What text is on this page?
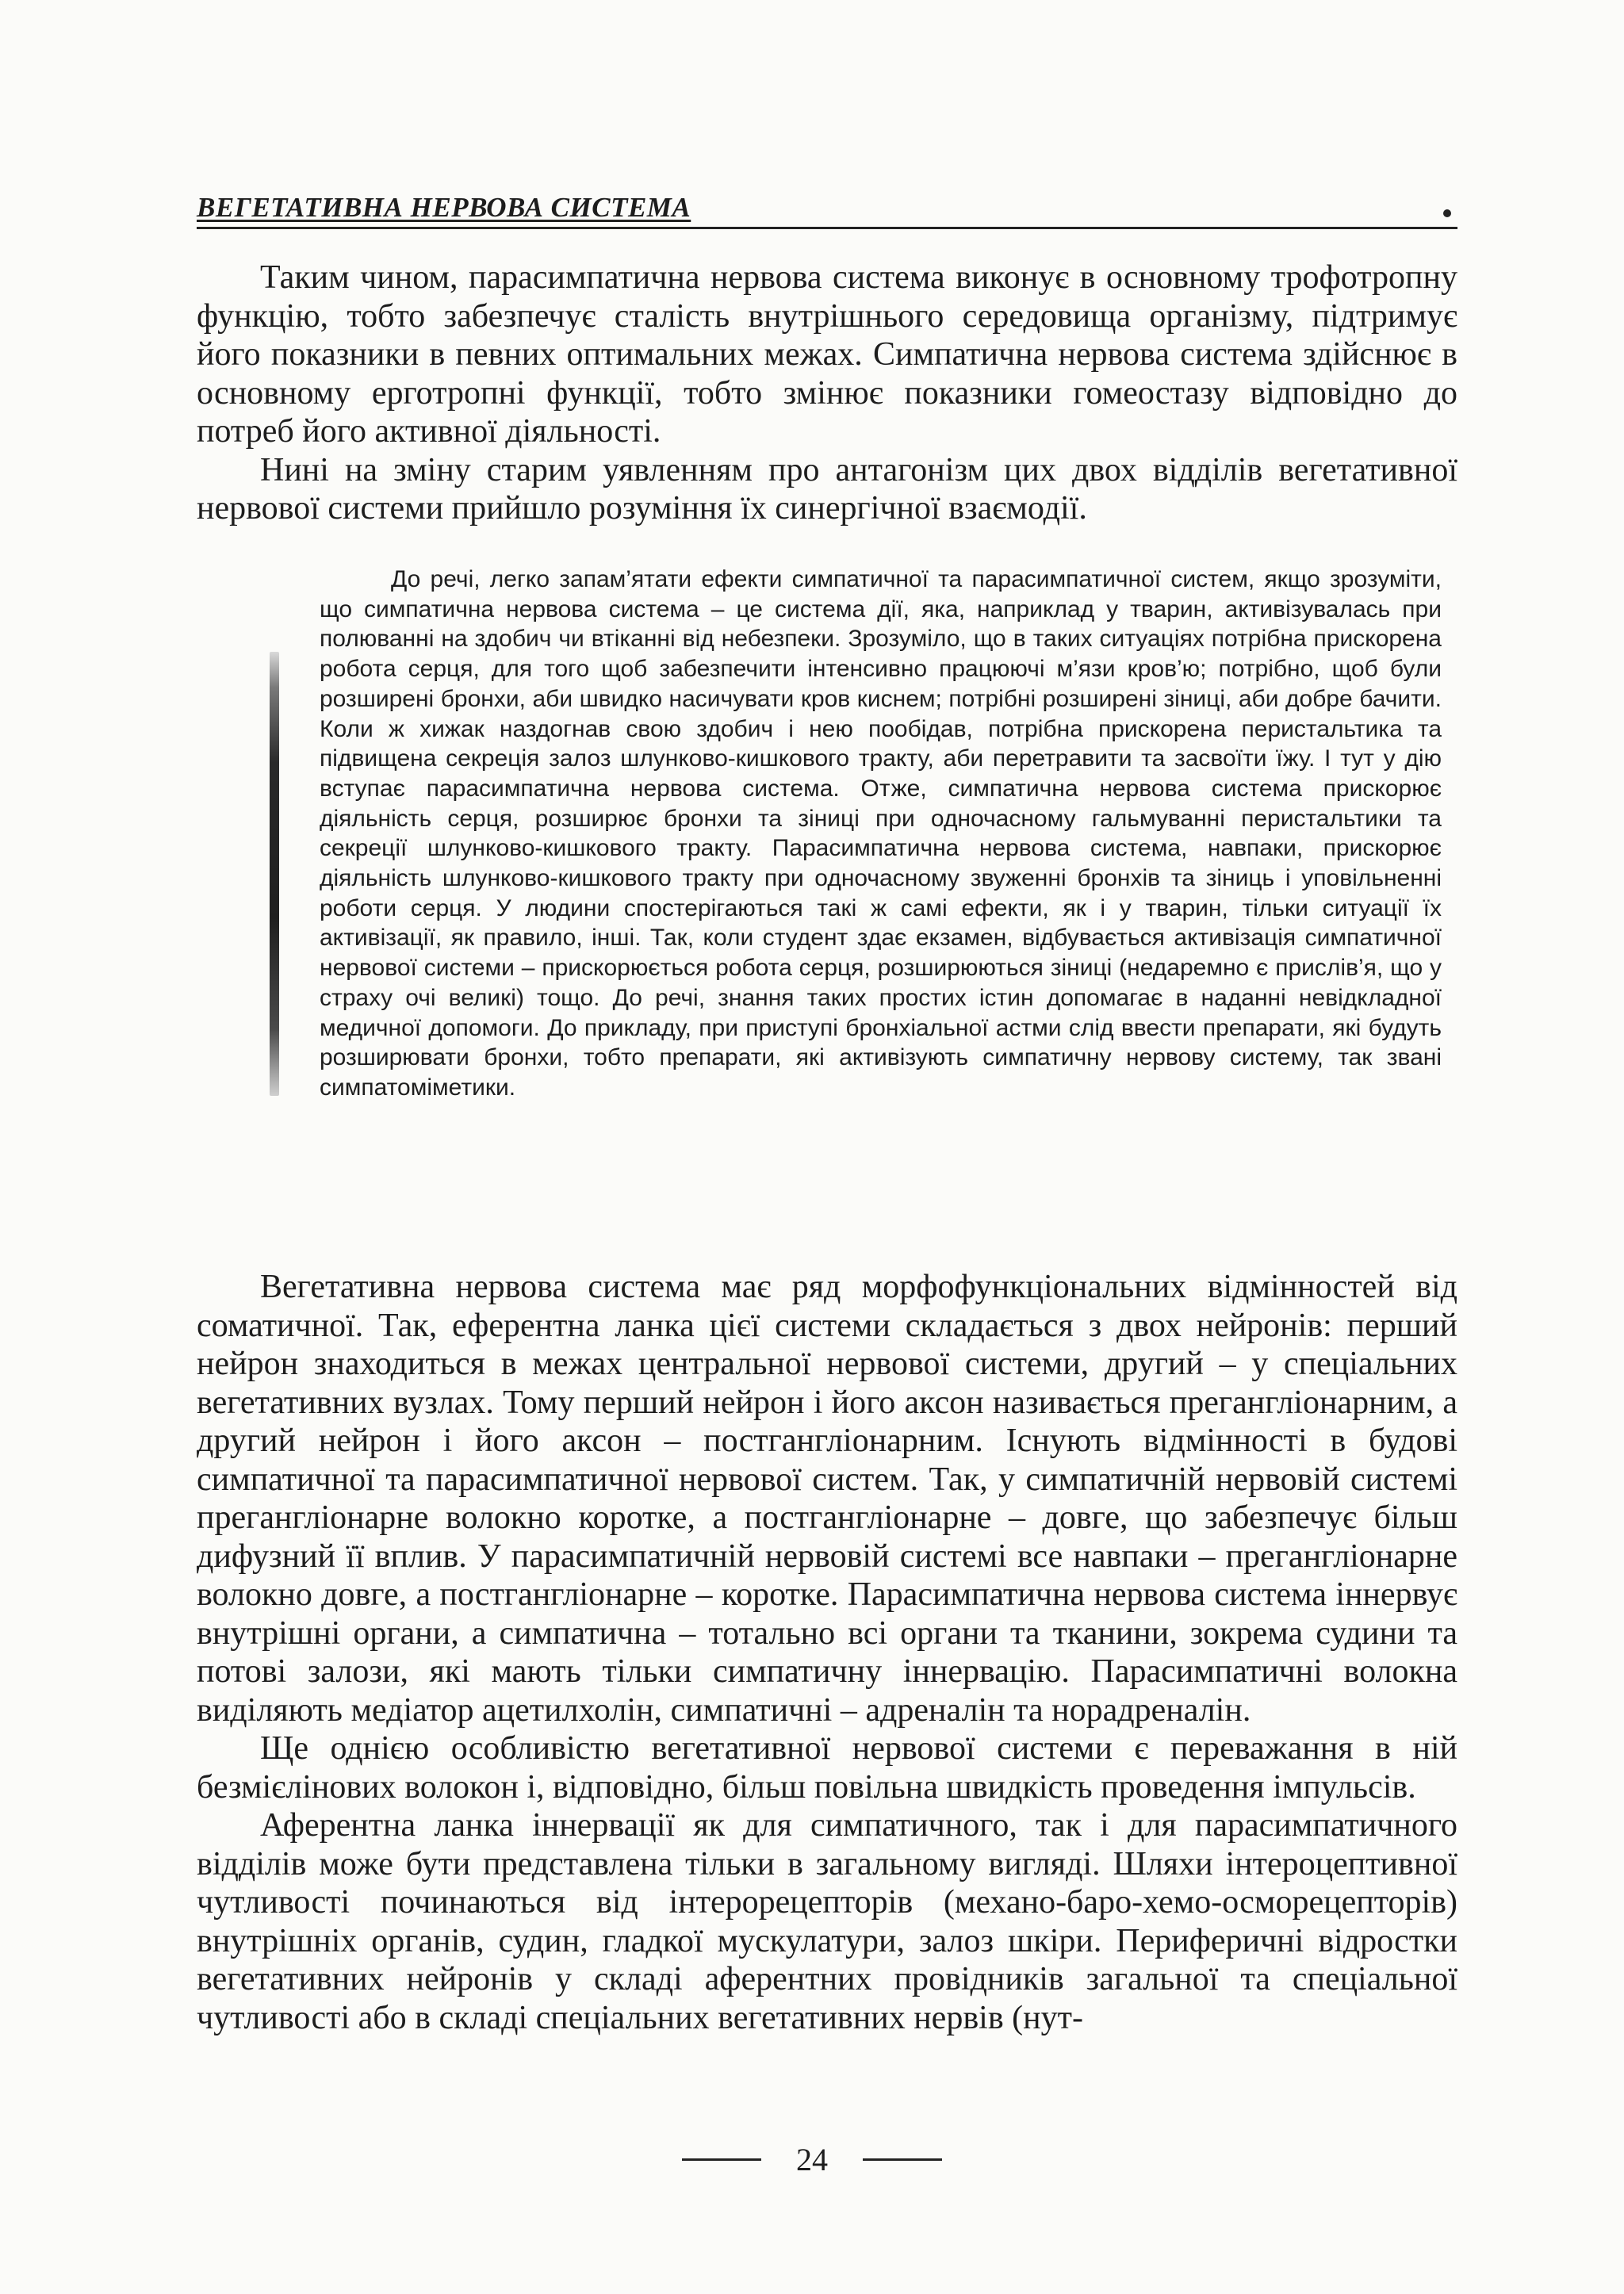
ВЕГЕТАТИВНА НЕРВОВА СИСТЕМА

Таким чином, парасимпатична нервова система виконує в основному трофотропну функцію, тобто забезпечує сталість внутрішнього середовища організму, підтримує його показники в певних оптимальних межах. Симпатична нервова система здійснює в основному ерготропні функції, тобто змінює показники гомеостазу відповідно до потреб його активної діяльності.

Нині на зміну старим уявленням про антагонізм цих двох відділів вегетативної нервової системи прийшло розуміння їх синергічної взаємодії.

До речі, легко запам’ятати ефекти симпатичної та парасимпатичної систем, якщо зрозуміти, що симпатична нервова система – це система дії, яка, наприклад у тварин, активізувалась при полюванні на здобич чи втіканні від небезпеки. Зрозуміло, що в таких ситуаціях потрібна прискорена робота серця, для того щоб забезпечити інтенсивно працюючі м’язи кров’ю; потрібно, щоб були розширені бронхи, аби швидко насичувати кров киснем; потрібні розширені зіниці, аби добре бачити. Коли ж хижак наздогнав свою здобич і нею пообідав, потрібна прискорена перистальтика та підвищена секреція залоз шлунково-кишкового тракту, аби перетравити та засвоїти їжу. І тут у дію вступає парасимпатична нервова система. Отже, симпатична нервова система прискорює діяльність серця, розширює бронхи та зіниці при одночасному гальмуванні перистальтики та секреції шлунково-кишкового тракту. Парасимпатична нервова система, навпаки, прискорює діяльність шлунково-кишкового тракту при одночасному звуженні бронхів та зіниць і уповільненні роботи серця. У людини спостерігаються такі ж самі ефекти, як і у тварин, тільки ситуації їх активізації, як правило, інші. Так, коли студент здає екзамен, відбувається активізація симпатичної нервової системи – прискорюється робота серця, розширюються зіниці (недаремно є прислів’я, що у страху очі великі) тощо. До речі, знання таких простих істин допомагає в наданні невідкладної медичної допомоги. До прикладу, при приступі бронхіальної астми слід ввести препарати, які будуть розширювати бронхи, тобто препарати, які активізують симпатичну нервову систему, так звані симпатоміметики.

Вегетативна нервова система має ряд морфофункціональних відмінностей від соматичної. Так, еферентна ланка цієї системи складається з двох нейронів: перший нейрон знаходиться в межах центральної нервової системи, другий – у спеціальних вегетативних вузлах. Тому перший нейрон і його аксон називається прегангліонарним, а другий нейрон і його аксон – постгангліонарним. Існують відмінності в будові симпатичної та парасимпатичної нервової систем. Так, у симпатичній нервовій системі прегангліонарне волокно коротке, а постгангліонарне – довге, що забезпечує більш дифузний її вплив. У парасимпатичній нервовій системі все навпаки – прегангліонарне волокно довге, а постгангліонарне – коротке. Парасимпатична нервова система іннервує внутрішні органи, а симпатична – тотально всі органи та тканини, зокрема судини та потові залози, які мають тільки симпатичну іннервацію. Парасимпатичні волокна виділяють медіатор ацетилхолін, симпатичні – адреналін та норадреналін.

Ще однією особливістю вегетативної нервової системи є переважання в ній безмієлінових волокон і, відповідно, більш повільна швидкість проведення імпульсів.

Аферентна ланка іннервації як для симпатичного, так і для парасимпатичного відділів може бути представлена тільки в загальному вигляді. Шляхи інтероцептивної чутливості починаються від інтерорецепторів (механо-баро-хемо-осморецепторів) внутрішніх органів, судин, гладкої мускулатури, залоз шкіри. Периферичні відростки вегетативних нейронів у складі аферентних провідників загальної та спеціальної чутливості або в складі спеціальних вегетативних нервів (нут-

24
